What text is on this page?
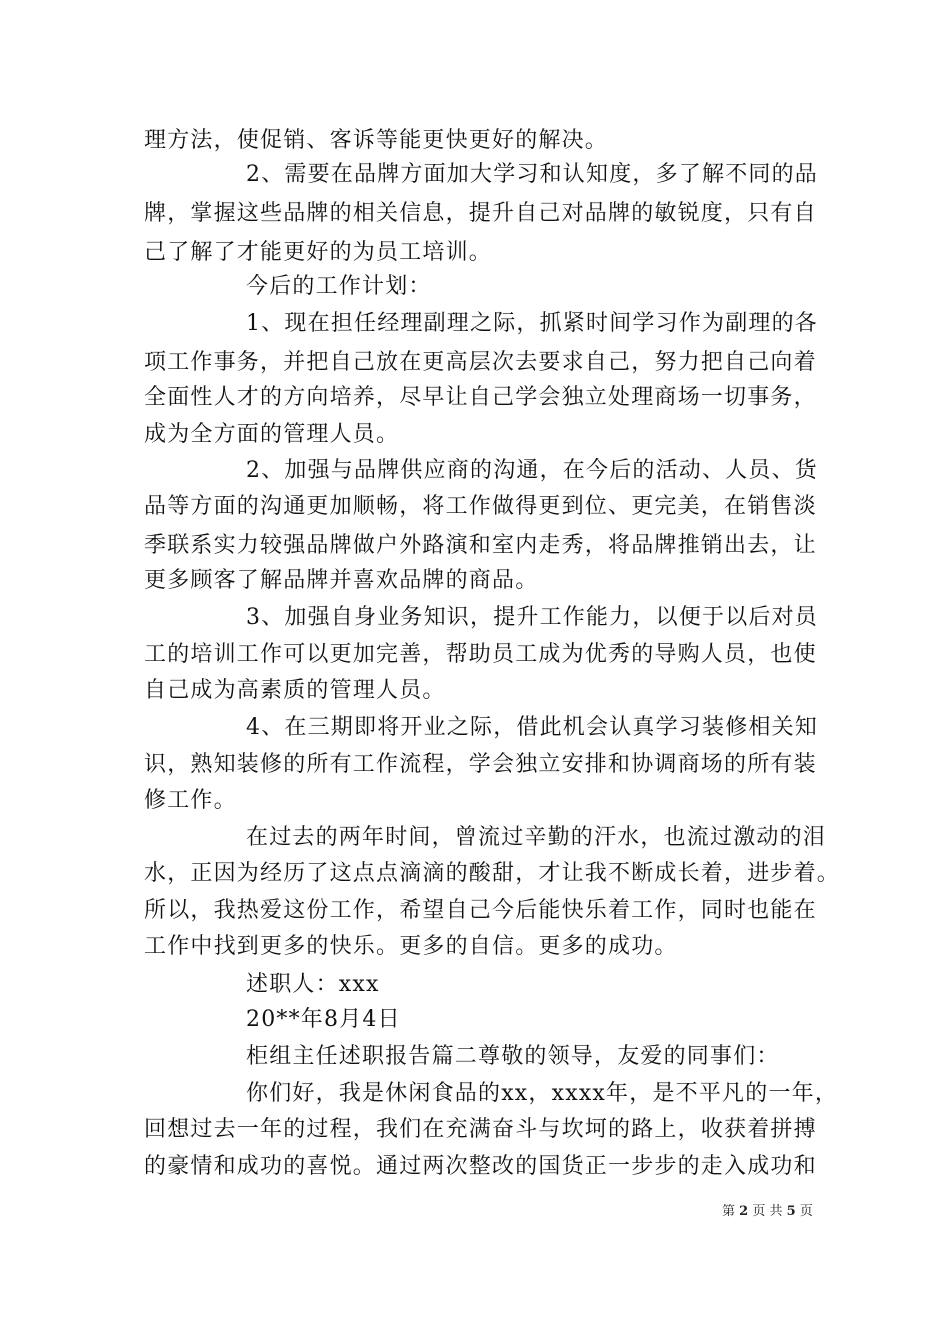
理方法，使促销、客诉等能更快更好的解决。
2、需要在品牌方面加大学习和认知度，多了解不同的品
牌，掌握这些品牌的相关信息，提升自己对品牌的敏锐度，只有自
己了解了才能更好的为员工培训。
今后的工作计划：
1、现在担任经理副理之际，抓紧时间学习作为副理的各
项工作事务，并把自己放在更高层次去要求自己，努力把自己向着
全面性人才的方向培养，尽早让自己学会独立处理商场一切事务，
成为全方面的管理人员。
2、加强与品牌供应商的沟通，在今后的活动、人员、货
品等方面的沟通更加顺畅，将工作做得更到位、更完美，在销售淡
季联系实力较强品牌做户外路演和室内走秀，将品牌推销出去，让
更多顾客了解品牌并喜欢品牌的商品。
3、加强自身业务知识，提升工作能力，以便于以后对员
工的培训工作可以更加完善，帮助员工成为优秀的导购人员，也使
自己成为高素质的管理人员。
4、在三期即将开业之际，借此机会认真学习装修相关知
识，熟知装修的所有工作流程，学会独立安排和协调商场的所有装
修工作。
在过去的两年时间，曾流过辛勤的汗水，也流过激动的泪
水，正因为经历了这点点滴滴的酸甜，才让我不断成长着，进步着。
所以，我热爱这份工作，希望自己今后能快乐着工作，同时也能在
工作中找到更多的快乐。更多的自信。更多的成功。
述职人：xxx
20**年8月4日
柜组主任述职报告篇二尊敬的领导，友爱的同事们：
你们好，我是休闲食品的xx，xxxx年，是不平凡的一年，
回想过去一年的过程，我们在充满奋斗与坎坷的路上，收获着拼搏
的豪情和成功的喜悦。通过两次整改的国货正一步步的走入成功和
第 2 页 共 5 页
